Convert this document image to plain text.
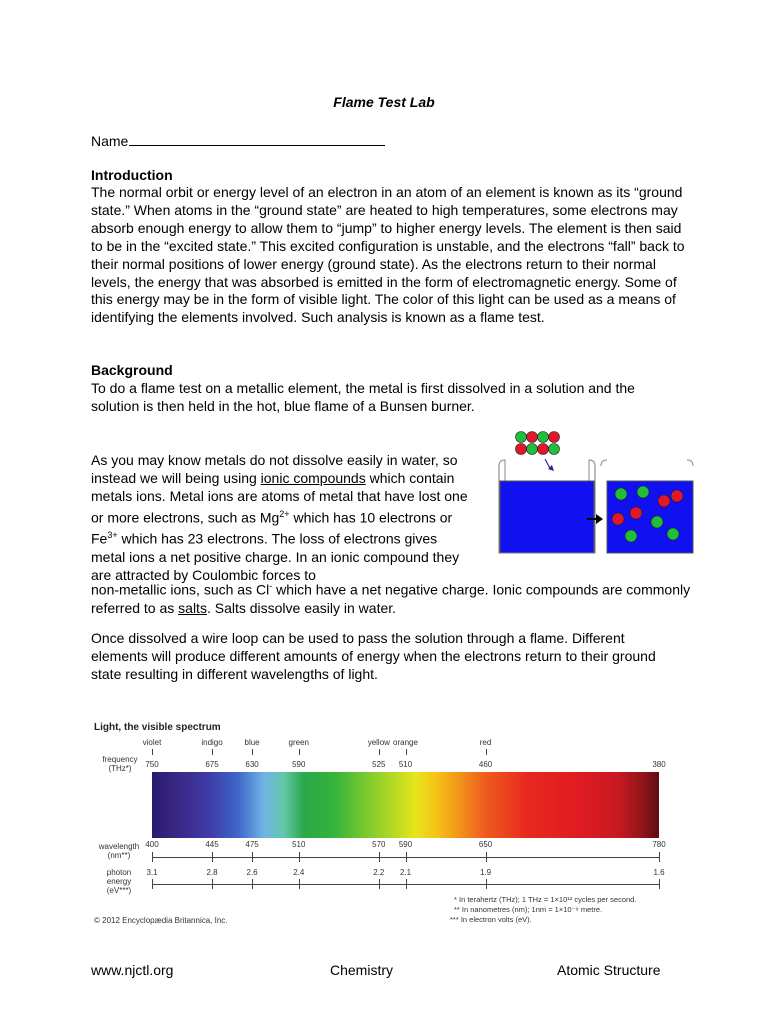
Flame Test Lab
Name
Introduction

The normal orbit or energy level of an electron in an atom of an element is known as its “ground state.” When atoms in the “ground state” are heated to high temperatures, some electrons may absorb enough energy to allow them to “jump” to higher energy levels. The element is then said to be in the “excited state.” This excited configuration is unstable, and the electrons “fall” back to their normal positions of lower energy (ground state). As the electrons return to their normal levels, the energy that was absorbed is emitted in the form of electromagnetic energy. Some of this energy may be in the form of visible light. The color of this light can be used as a means of identifying the elements involved. Such analysis is known as a flame test.

Background

To do a flame test on a metallic element, the metal is first dissolved in a solution and the solution is then held in the hot, blue flame of a Bunsen burner.

As you may know metals do not dissolve easily in water, so instead we will being using ionic compounds which contain metals ions. Metal ions are atoms of metal that have lost one or more electrons, such as $Mg^{2+}$ which has 10 electrons or $Fe^{3+}$ which has 23 electrons. The loss of electrons gives metal ions a net positive charge. In an ionic compound they are attracted by Coulombic forces to
non-metallic ions, such as Cl- which have a net negative charge. Ionic compounds are commonly referred to as salts. Salts dissolve easily in water.

Once dissolved a wire loop can be used to pass the solution through a flame. Different elements will produce different amounts of energy when the electrons return to their ground state resulting in different wavelengths of light.

Light, the visible spectrum
frequency
(THz*)
wavelength
(nm**)
photon
energy
(eV***)
* In terahertz (THz); 1 THz = 1×10¹² cycles per second.
** In nanometres (nm); 1nm = 1×10⁻⁹ metre.
*** In electron volts (eV).
© 2012 Encyclopædia Britannica, Inc.
750	675	630	590	525 510	460	380
400	445	475	510	570 590	650	780
3.1	2.8	2.6	2.4	2.2 2.1	1.9	1.6
violet	indigo	blue	green	yellow orange	red
www.njctl.org	Chemistry	Atomic Structure
